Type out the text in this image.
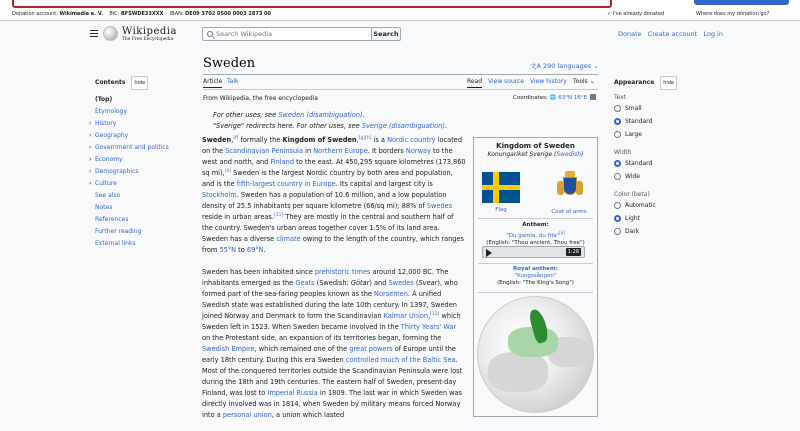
Donation account: Wikimedia e. V. BIC: BFSWDE33XXX IBAN: DE09 3702 0500 0003 2873 00	✓ I've already donated	Where does my donation go?
Wikipedia
The Free Encyclopedia
Search Wikipedia
Search	Donate Create account Log in
Sweden	文A 290 languages ⌄
Article Talk	Read View source View history Tools ⌄
Contents hide
(Top)
Etymology
› History
› Geography
› Government and politics
› Economy
› Demographics
› Culture
See also
Notes
References
Further reading
External links
Appearance hide
Text
Small
Standard
Large
Width
Standard
Wide
Color (beta)
Automatic
Light
Dark
From Wikipedia, the free encyclopedia	Coordinates: 🌐 63°N 16°E
For other uses, see Sweden (disambiguation).
"Sverige" redirects here. For other uses, see Sverige (disambiguation).

Sweden,[f] formally the Kingdom of Sweden,[g][h] is a Nordic country located on the Scandinavian Peninsula in Northern Europe. It borders Norway to the west and north, and Finland to the east. At 450,295 square kilometres (173,860 sq mi),[4] Sweden is the largest Nordic country by both area and population, and is the fifth-largest country in Europe. Its capital and largest city is Stockholm. Sweden has a population of 10.6 million, and a low population density of 25.5 inhabitants per square kilometre (66/sq mi); 88% of Swedes reside in urban areas.[11] They are mostly in the central and southern half of the country. Sweden's urban areas together cover 1.5% of its land area. Sweden has a diverse climate owing to the length of the country, which ranges from 55°N to 69°N.

Sweden has been inhabited since prehistoric times around 12,000 BC. The inhabitants emerged as the Geats (Swedish: Götar) and Swedes (Svear), who formed part of the sea-faring peoples known as the Norsemen. A unified Swedish state was established during the late 10th century. In 1397, Sweden joined Norway and Denmark to form the Scandinavian Kalmar Union,[12] which Sweden left in 1523. When Sweden became involved in the Thirty Years' War on the Protestant side, an expansion of its territories began, forming the Swedish Empire, which remained one of the great powers of Europe until the early 18th century. During this era Sweden controlled much of the Baltic Sea. Most of the conquered territories outside the Scandinavian Peninsula were lost during the 18th and 19th centuries. The eastern half of Sweden, present-day Finland, was lost to Imperial Russia in 1809. The last war in which Sweden was directly involved was in 1814, when Sweden by military means forced Norway into a personal union, a union which lasted

Kingdom of Sweden
Konungariket Sverige (Swedish)
Flag	Coat of arms
Anthem:
"Du gamla, du fria"[a]
(English: "Thou ancient, Thou free")
1:28
Royal anthem:
"Kungssången"
(English: "The King's Song")
